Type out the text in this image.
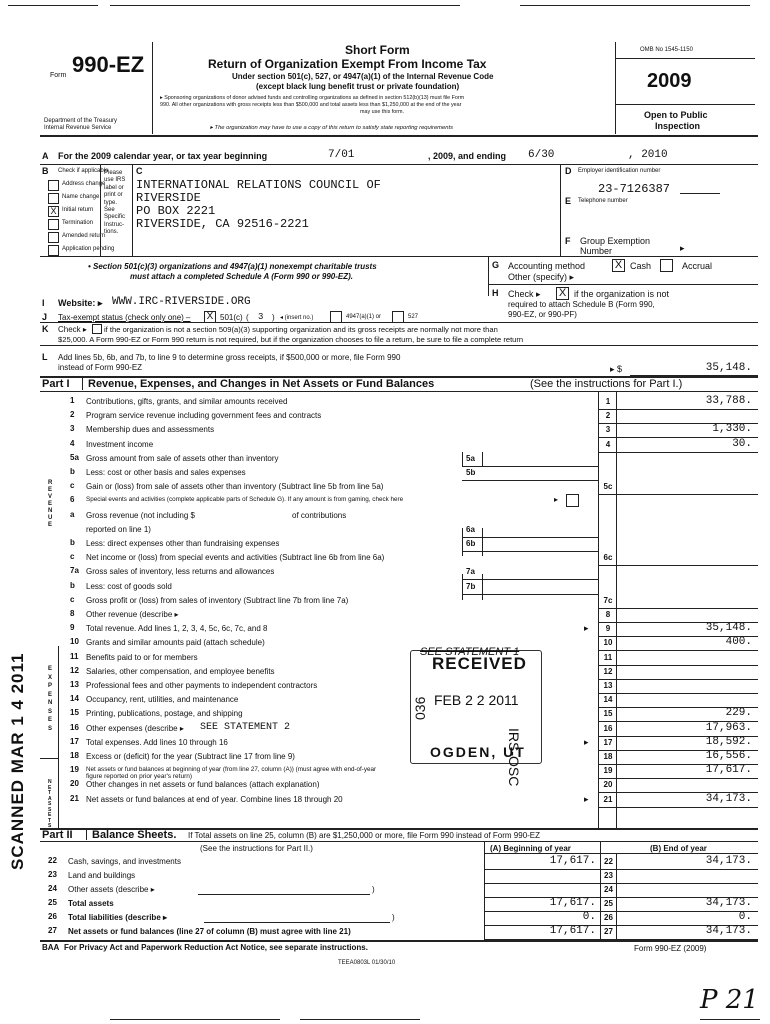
Form 990-EZ
Department of the Treasury
Internal Revenue Service
Short Form
Return of Organization Exempt From Income Tax
Under section 501(c), 527, or 4947(a)(1) of the Internal Revenue Code
(except black lung benefit trust or private foundation)
▸ Sponsoring organizations of donor advised funds and controlling organizations as defined in section 512(b)(13) must file Form
990. All other organizations with gross receipts less than $500,000 and total assets less than $1,250,000 at the end of the year
may use this form.
▸ The organization may have to use a copy of this return to satisfy state reporting requirements
OMB No 1545-1150
2009
Open to Public
Inspection
A For the 2009 calendar year, or tax year beginning	7/01	, 2009, and ending 6/30	, 2010
B Check if applicable
Address change
Name change
X Initial return
Termination
Amended return
Application pending
Please
use IRS
label or
print or
type.
See
Specific
Instruc-
tions.
C
INTERNATIONAL RELATIONS COUNCIL OF
RIVERSIDE
PO BOX 2221
RIVERSIDE, CA 92516-2221
D Employer identification number
23-7126387
E Telephone number
F Group Exemption
Number	▸
• Section 501(c)(3) organizations and 4947(a)(1) nonexempt charitable trusts
must attach a completed Schedule A (Form 990 or 990-EZ).
G Accounting method	X Cash	Accrual
Other (specify) ▸
I Website: ▸ WWW.IRC-RIVERSIDE.ORG
H Check ▸ X if the organization is not
required to attach Schedule B (Form 990,
990-EZ, or 990-PF)
J Tax-exempt status (check only one) – X 501(c) ( 3 ) ◂ (insert no.)	4947(a)(1) or	527
K Check ▸ if the organization is not a section 509(a)(3) supporting organization and its gross receipts are normally not more than
$25,000. A Form 990-EZ or Form 990 return is not required, but if the organization chooses to file a return, be sure to file a complete return
L Add lines 5b, 6b, and 7b, to line 9 to determine gross receipts, if $500,000 or more, file Form 990
instead of Form 990-EZ	▸ $	35,148.
Part I Revenue, Expenses, and Changes in Net Assets or Fund Balances	(See the instructions for Part I.)
REVENUE
EXPENSES
NET ASSETS
1 Contributions, gifts, grants, and similar amounts received	1	33,788.
2 Program service revenue including government fees and contracts	2
3 Membership dues and assessments	3	1,330.
4 Investment income	4	30.
5a Gross amount from sale of assets other than inventory	5a
b Less: cost or other basis and sales expenses	5b
c Gain or (loss) from sale of assets other than inventory (Subtract line 5b from line 5a)	5c
6 Special events and activities (complete applicable parts of Schedule G). If any amount is from gaming, check here	▸
a Gross revenue (not including $	of contributions
reported on line 1)	6a
b Less: direct expenses other than fundraising expenses	6b
c Net income or (loss) from special events and activities (Subtract line 6b from line 6a)	6c
7a Gross sales of inventory, less returns and allowances	7a
b Less: cost of goods sold	7b
c Gross profit or (loss) from sales of inventory (Subtract line 7b from line 7a)	7c
8 Other revenue (describe ▸	8
9 Total revenue. Add lines 1, 2, 3, 4, 5c, 6c, 7c, and 8	▸	9	35,148.
10 Grants and similar amounts paid (attach schedule)	10	400.
11 Benefits paid to or for members	11
12 Salaries, other compensation, and employee benefits	12
13 Professional fees and other payments to independent contractors	13
14 Occupancy, rent, utilities, and maintenance	14
15 Printing, publications, postage, and shipping	15	229.
16 Other expenses (describe ▸ SEE STATEMENT 2	16	17,963.
17 Total expenses. Add lines 10 through 16	▸	17	18,592.
18 Excess or (deficit) for the year (Subtract line 17 from line 9)	18	16,556.
19 Net assets or fund balances at beginning of year (from line 27, column (A)) (must agree with end-of-year
figure reported on prior year's return)
19	17,617.
20 Other changes in net assets or fund balances (attach explanation)	20
21 Net assets or fund balances at end of year. Combine lines 18 through 20	▸	21	34,173.
SEE STATEMENT 1
RECEIVED
FEB 2 2 2011
OGDEN, UT
036
IRS-OSC
Part II Balance Sheets. If Total assets on line 25, column (B) are $1,250,000 or more, file Form 990 instead of Form 990-EZ
(See the instructions for Part II.)	(A) Beginning of year	(B) End of year
22 Cash, savings, and investments	17,617.	22	34,173.
23 Land and buildings	23
24 Other assets (describe ▸	)	24
25 Total assets	17,617.	25	34,173.
26 Total liabilities (describe ▸	)	0.	26	0.
27 Net assets or fund balances (line 27 of column (B) must agree with line 21)	17,617.	27	34,173.
BAA For Privacy Act and Paperwork Reduction Act Notice, see separate instructions.	Form 990-EZ (2009)
TEEA0803L 01/30/10
SCANNED MAR 1 4 2011
P 21
